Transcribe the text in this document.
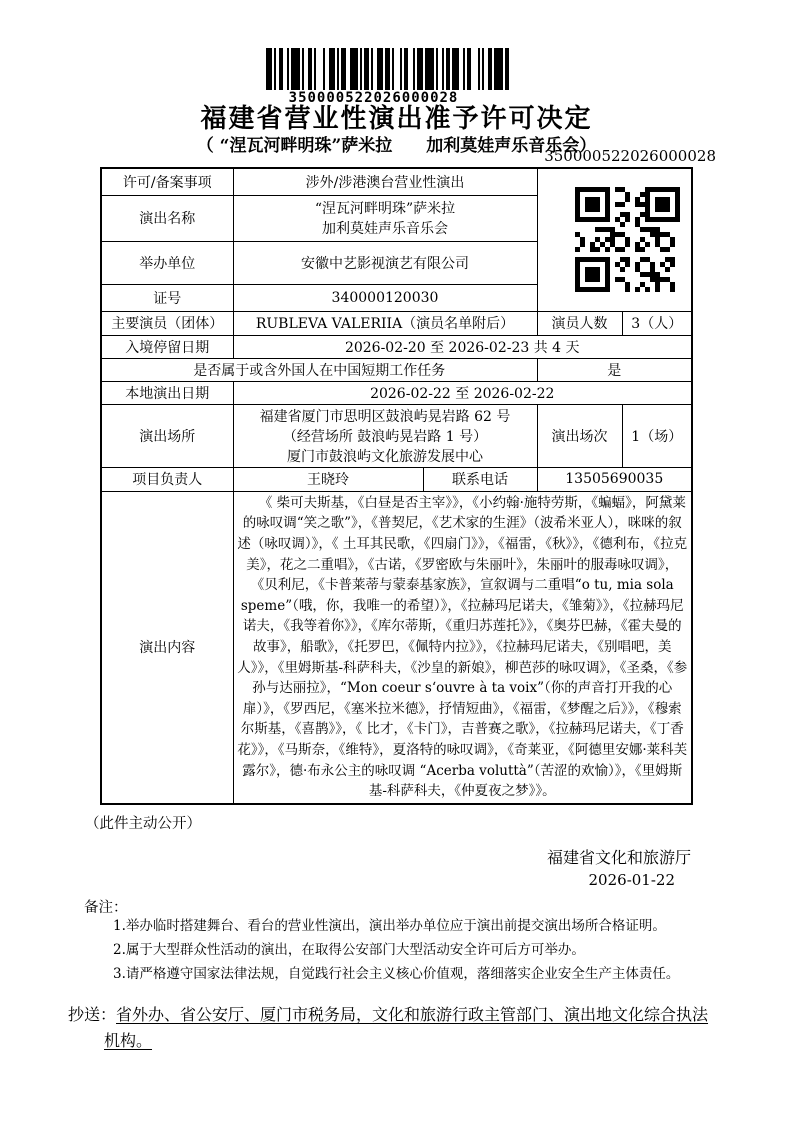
350000522026000028
福建省营业性演出准予许可决定
（ “涅瓦河畔明珠”萨米拉　　加利莫娃声乐音乐会）
350000522026000028
许可/备案事项	涉外/涉港澳台营业性演出			

演出名称	“涅瓦河畔明珠”萨米拉
加利莫娃声乐音乐会			

举办单位	安徽中艺影视演艺有限公司			
证号	340000120030			
主要演员（团体）	RUBLEVA VALERIIA（演员名单附后）		演员人数	3（人）
入境停留日期	2026-02-20 至 2026-02-23 共 4 天			
是否属于或含外国人在中国短期工作任务			是	
本地演出日期	2026-02-22 至 2026-02-22			
演出场所	福建省厦门市思明区鼓浪屿晃岩路 62 号
（经营场所 鼓浪屿晃岩路 1 号）
厦门市鼓浪屿文化旅游发展中心		演出场次	1（场）
项目负责人	王晓玲	联系电话	13505690035	
演出内容	《 柴可夫斯基，《白昼是否主宰》》，《小约翰·施特劳斯，《蝙蝠》，阿黛莱的咏叹调“笑之歌”》，《普契尼，《艺术家的生涯》（波希米亚人），咪咪的叙述（咏叹调）》，《 土耳其民歌，《四扇门》》，《福雷，《秋》》，《德利布，《拉克美》，花之二重唱》，《古诺，《罗密欧与朱丽叶》，朱丽叶的服毒咏叹调》，《贝利尼，《卡普莱蒂与蒙泰基家族》，宣叙调与二重唱“o tu, mia sola speme”（哦，你，我唯一的希望）》，《拉赫玛尼诺夫，《雏菊》》，《拉赫玛尼诺夫，《我等着你》》，《库尔蒂斯，《重归苏莲托》》，《奥芬巴赫，《霍夫曼的故事》，船歌》，《托罗巴，《佩特内拉》》，《拉赫玛尼诺夫，《别唱吧，美人》》，《里姆斯基-科萨科夫，《沙皇的新娘》，柳芭莎的咏叹调》，《圣桑，《参孙与达丽拉》，“Mon coeur s‘ouvre à ta voix”（你的声音打开我的心扉）》，《罗西尼，《塞米拉米德》，抒情短曲》，《福雷，《梦醒之后》》，《穆索尔斯基，《喜鹊》》，《 比才，《卡门》，吉普赛之歌》，《拉赫玛尼诺夫，《丁香花》》，《马斯奈，《维特》，夏洛特的咏叹调》，《奇莱亚，《阿德里安娜·莱科芙露尔》，德·布永公主的咏叹调 “Acerba voluttà”（苦涩的欢愉）》，《里姆斯基-科萨科夫，《仲夏夜之梦》》。			

（此件主动公开）
福建省文化和旅游厅
2026-01-22
备注：
1.举办临时搭建舞台、看台的营业性演出，演出举办单位应于演出前提交演出场所合格证明。
2.属于大型群众性活动的演出，在取得公安部门大型活动安全许可后方可举办。
3.请严格遵守国家法律法规，自觉践行社会主义核心价值观，落细落实企业安全生产主体责任。
抄送：省外办、省公安厅、厦门市税务局，文化和旅游行政主管部门、演出地文化综合执法机构。
